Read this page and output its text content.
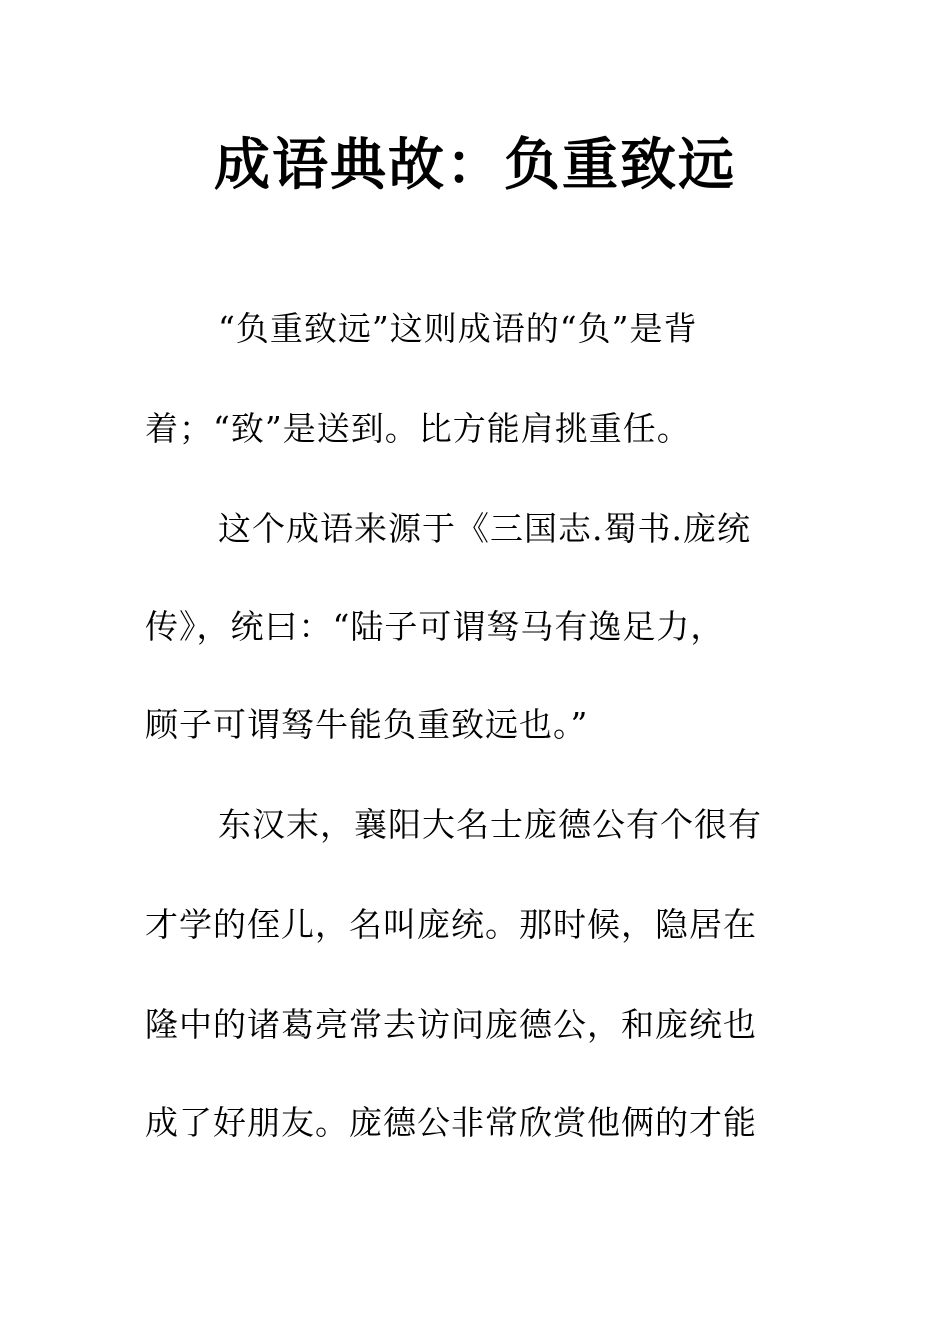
成语典故：负重致远

“负重致远”这则成语的“负”是背

着；“致”是送到。比方能肩挑重任。

这个成语来源于《三国志.蜀书.庞统

传》，统曰：“陆子可谓驽马有逸足力，

顾子可谓驽牛能负重致远也。”

东汉末，襄阳大名士庞德公有个很有

才学的侄儿，名叫庞统。那时候，隐居在

隆中的诸葛亮常去访问庞德公，和庞统也

成了好朋友。庞德公非常欣赏他俩的才能
